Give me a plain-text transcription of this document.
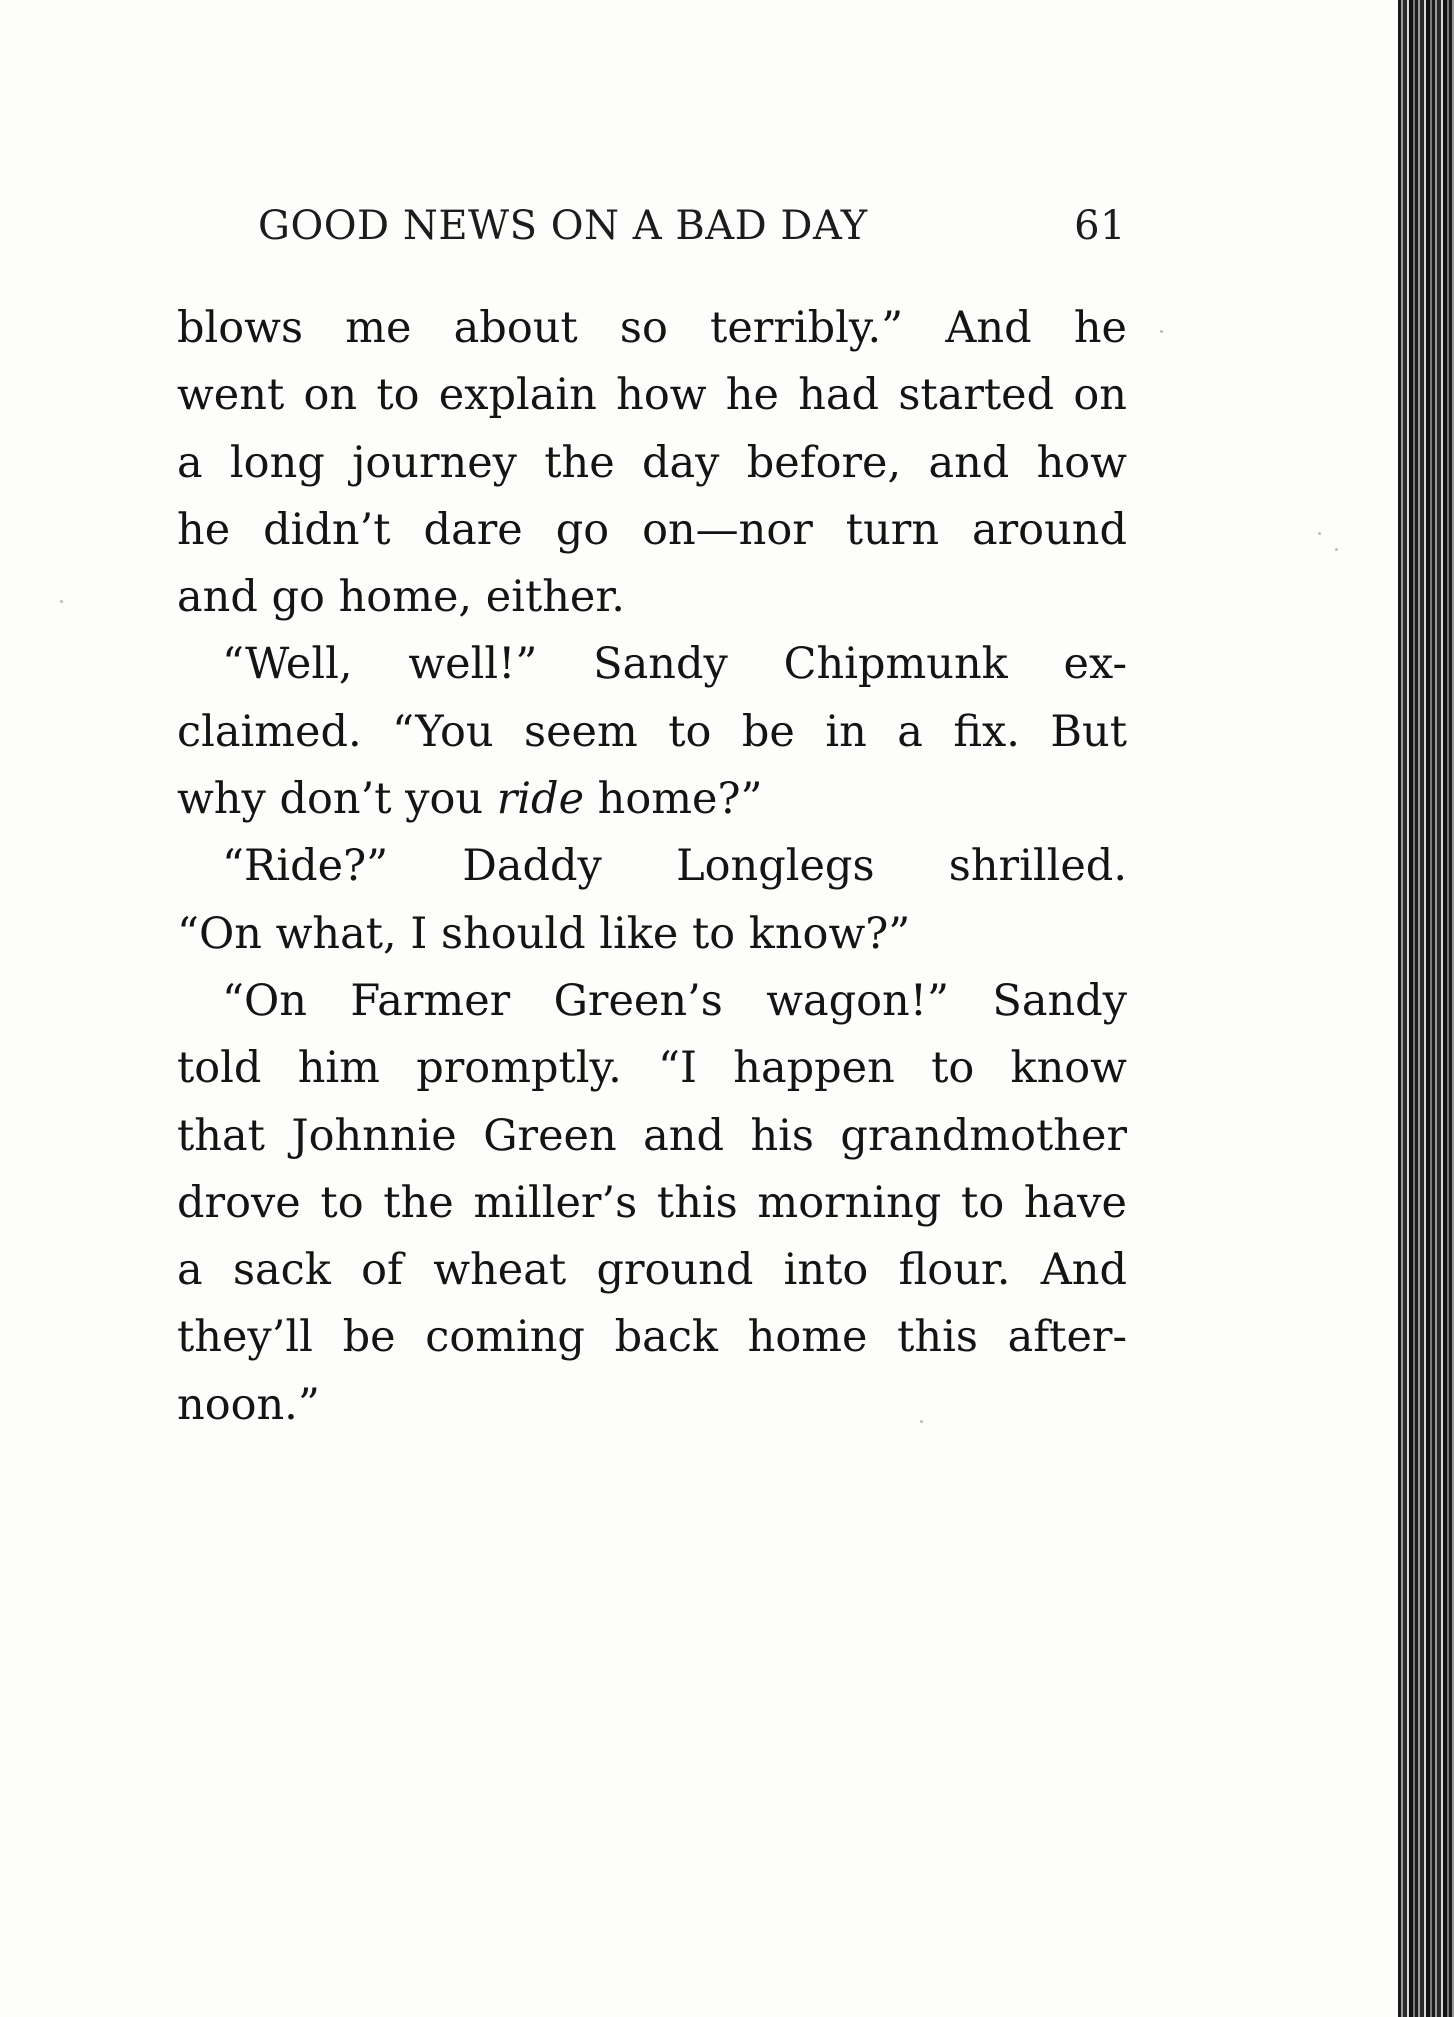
GOOD NEWS ON A BAD DAY	61
blows me about so terribly.” And he
went on to explain how he had started on
a long journey the day before, and how
he didn’t dare go on—nor turn around
and go home, either.
“Well, well!” Sandy Chipmunk ex-
claimed. “You seem to be in a fix. But
why don’t you ride home?”
“Ride?” Daddy Longlegs shrilled.
“On what, I should like to know?”
“On Farmer Green’s wagon!” Sandy
told him promptly. “I happen to know
that Johnnie Green and his grandmother
drove to the miller’s this morning to have
a sack of wheat ground into flour. And
they’ll be coming back home this after-
noon.”
